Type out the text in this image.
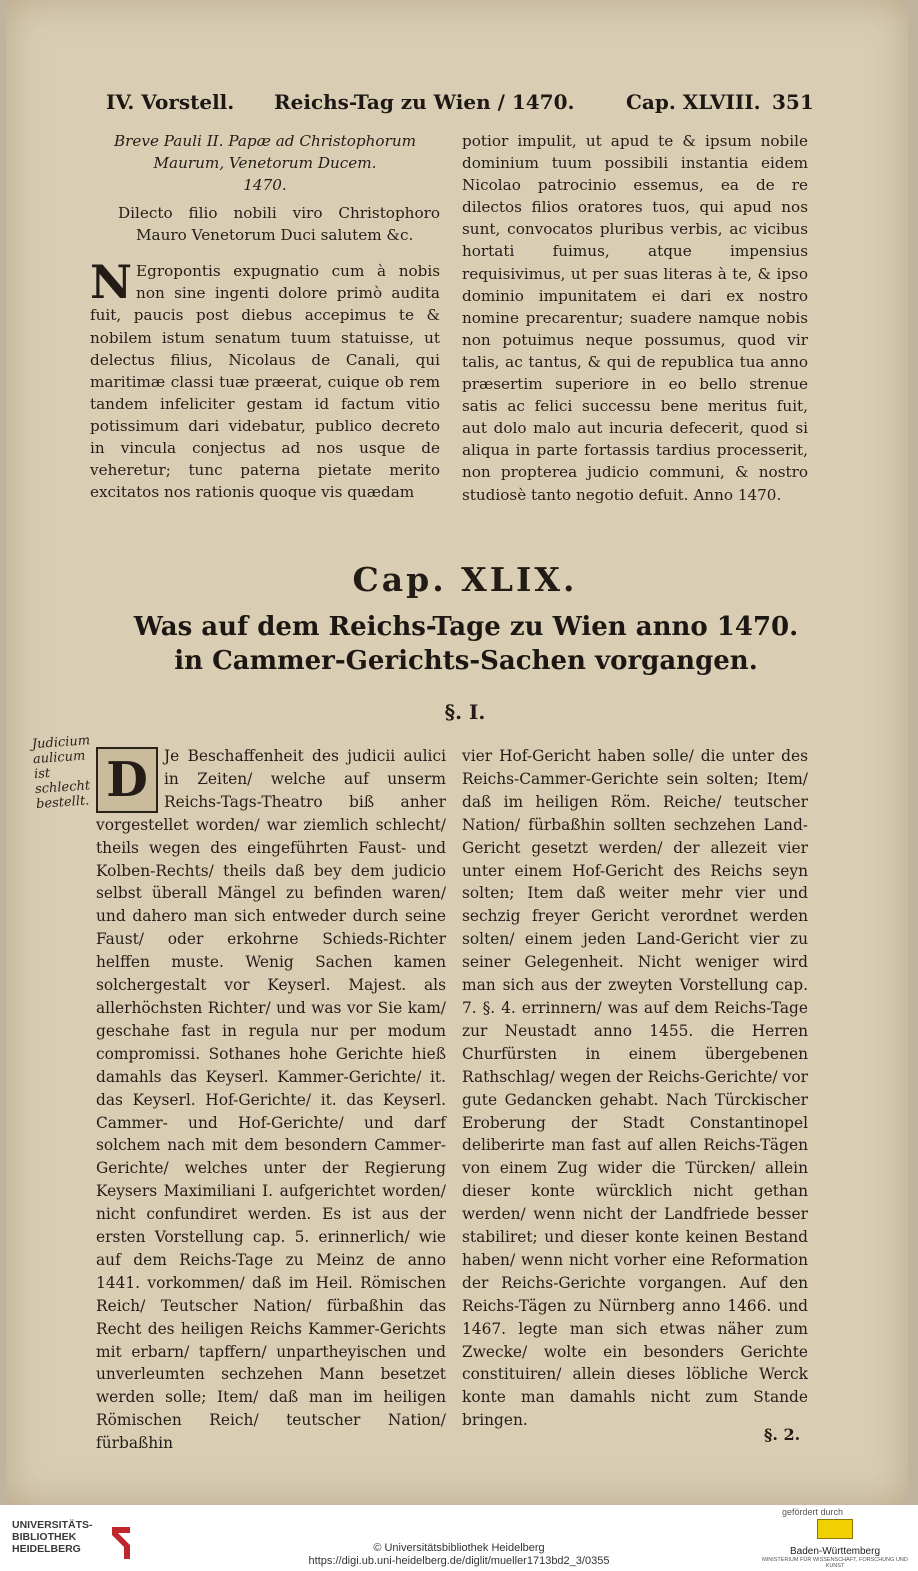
IV. Vorstell. Reichs-Tag zu Wien / 1470.	Cap. XLVIII. 351
Breve Pauli II. Papæ ad Christophorum Maurum, Venetorum Ducem.
1470.
Dilecto filio nobili viro Christophoro Mauro Venetorum Duci salutem &c.
N Egropontis expugnatio cum à nobis non sine ingenti dolore primò audita fuit, paucis post diebus accepimus te & nobilem istum senatum tuum statuisse, ut delectus filius, Nicolaus de Canali, qui maritimæ classi tuæ præerat, cuique ob rem tandem infeliciter gestam id factum vitio potissimum dari videbatur, publico decreto in vincula conjectus ad nos usque de veheretur; tunc paterna pietate merito excitatos nos rationis quoque vis quædam
potior impulit, ut apud te & ipsum nobile dominium tuum possibili instantia eidem Nicolao patrocinio essemus, ea de re dilectos filios oratores tuos, qui apud nos sunt, convocatos pluribus verbis, ac vicibus hortati fuimus, atque impensius requisivimus, ut per suas literas à te, & ipso dominio impunitatem ei dari ex nostro nomine precarentur; suadere namque nobis non potuimus neque possumus, quod vir talis, ac tantus, & qui de republica tua anno præsertim superiore in eo bello strenue satis ac felici successu bene meritus fuit, aut dolo malo aut incuria defecerit, quod si aliqua in parte fortassis tardius processerit, non propterea judicio communi, & nostro studiosè tanto negotio defuit. Anno 1470.
Cap. XLIX.
Was auf dem Reichs-Tage zu Wien anno 1470. in Cammer-Gerichts-Sachen vorgangen.
§. I.
Judicium aulicum ist schlecht bestellt. D	Je Beschaffenheit des judicii aulici in Zeiten/ welche auf unserm Reichs-Tags-Theatro biß anher vorgestellet worden/ war ziemlich schlecht/ theils wegen des eingeführten Faust- und Kolben-Rechts/ theils daß bey dem judicio selbst überall Mängel zu befinden waren/ und dahero man sich entweder durch seine Faust/ oder erkohrne Schieds-Richter helffen muste. Wenig Sachen kamen solchergestalt vor Keyserl. Majest. als allerhöchsten Richter/ und was vor Sie kam/ geschahe fast in regula nur per modum compromissi. Sothanes hohe Gerichte hieß damahls das Keyserl. Kammer-Gerichte/ it. das Keyserl. Hof-Gerichte/ it. das Keyserl. Cammer- und Hof-Gerichte/ und darf solchem nach mit dem besondern Cammer-Gerichte/ welches unter der Regierung Keysers Maximiliani I. aufgerichtet worden/ nicht confundiret werden. Es ist aus der ersten Vorstellung cap. 5. erinnerlich/ wie auf dem Reichs-Tage zu Meinz de anno 1441. vorkommen/ daß im Heil. Römischen Reich/ Teutscher Nation/ fürbaßhin das Recht des heiligen Reichs Kammer-Gerichts mit erbarn/ tapffern/ unpartheyischen und unverleumten sechzehen Mann besetzet werden solle; Item/ daß man im heiligen Römischen Reich/ teutscher Nation/ fürbaßhin
vier Hof-Gericht haben solle/ die unter des Reichs-Cammer-Gerichte sein solten; Item/ daß im heiligen Röm. Reiche/ teutscher Nation/ fürbaßhin sollten sechzehen Land-Gericht gesetzt werden/ der allezeit vier unter einem Hof-Gericht des Reichs seyn solten; Item daß weiter mehr vier und sechzig freyer Gericht verordnet werden solten/ einem jeden Land-Gericht vier zu seiner Gelegenheit. Nicht weniger wird man sich aus der zweyten Vorstellung cap. 7. §. 4. errinnern/ was auf dem Reichs-Tage zur Neustadt anno 1455. die Herren Churfürsten in einem übergebenen Rathschlag/ wegen der Reichs-Gerichte/ vor gute Gedancken gehabt. Nach Türckischer Eroberung der Stadt Constantinopel deliberirte man fast auf allen Reichs-Tägen von einem Zug wider die Türcken/ allein dieser konte würcklich nicht gethan werden/ wenn nicht der Landfriede besser stabiliret; und dieser konte keinen Bestand haben/ wenn nicht vorher eine Reformation der Reichs-Gerichte vorgangen. Auf den Reichs-Tägen zu Nürnberg anno 1466. und 1467. legte man sich etwas näher zum Zwecke/ wolte ein besonders Gerichte constituiren/ allein dieses löbliche Werck konte man damahls nicht zum Stande bringen.
§. 2.
UNIVERSITÄTS-
BIBLIOTHEK
HEIDELBERG	© Universitätsbibliothek Heidelberg
https://digi.ub.uni-heidelberg.de/diglit/mueller1713bd2_3/0355
gefördert durch
Baden-Württemberg
MINISTERIUM FÜR WISSENSCHAFT, FORSCHUNG UND KUNST
